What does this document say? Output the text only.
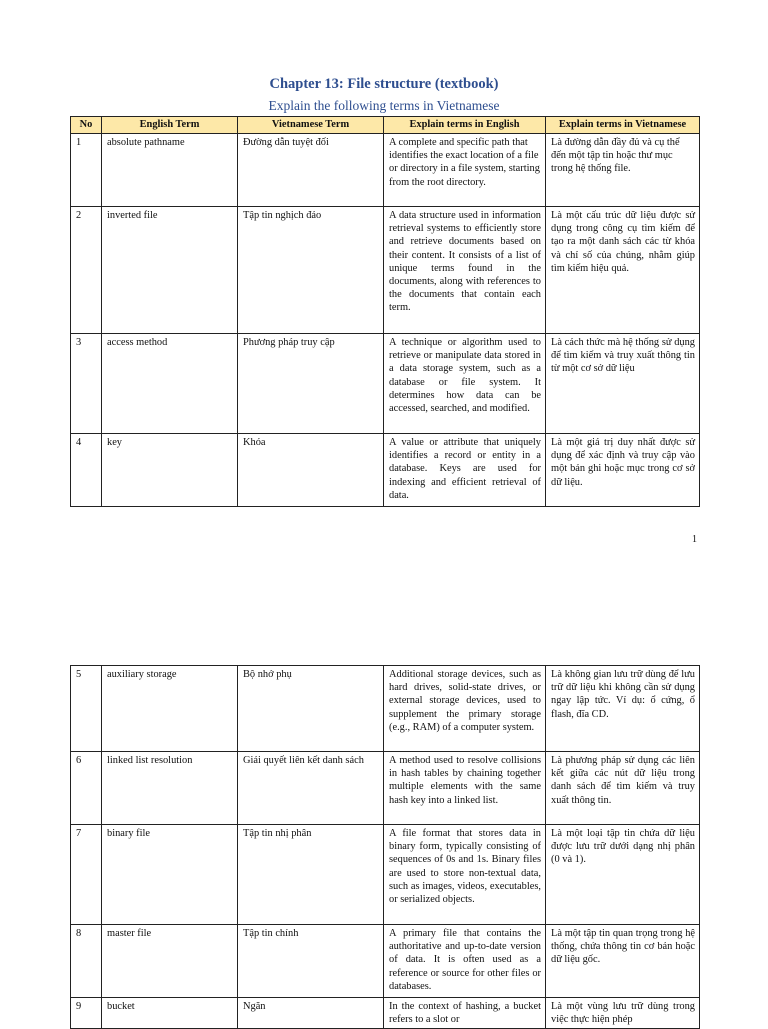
Chapter 13: File structure (textbook)
Explain the following terms in Vietnamese
No	English Term	Vietnamese Term	Explain terms in English	Explain terms in Vietnamese
1	absolute pathname	Đường dẫn tuyệt đối	A complete and specific path that identifies the exact location of a file or directory in a file system, starting from the root directory.	Là đường dẫn đầy đủ và cụ thể đến một tập tin hoặc thư mục trong hệ thống file.
2	inverted file	Tập tin nghịch đảo	A data structure used in information retrieval systems to efficiently store and retrieve documents based on their content. It consists of a list of unique terms found in the documents, along with references to the documents that contain each term.	Là một cấu trúc dữ liệu được sử dụng trong công cụ tìm kiếm để tạo ra một danh sách các từ khóa và chỉ số của chúng, nhằm giúp tìm kiếm hiệu quả.
3	access method	Phương pháp truy cập	A technique or algorithm used to retrieve or manipulate data stored in a data storage system, such as a database or file system. It determines how data can be accessed, searched, and modified.	Là cách thức mà hệ thống sử dụng để tìm kiếm và truy xuất thông tin từ một cơ sở dữ liệu
4	key	Khóa	A value or attribute that uniquely identifies a record or entity in a database. Keys are used for indexing and efficient retrieval of data.	Là một giá trị duy nhất được sử dụng để xác định và truy cập vào một bản ghi hoặc mục trong cơ sở dữ liệu.
1
5	auxiliary storage	Bộ nhớ phụ	Additional storage devices, such as hard drives, solid-state drives, or external storage devices, used to supplement the primary storage (e.g., RAM) of a computer system.	Là không gian lưu trữ dùng để lưu trữ dữ liệu khi không cần sử dụng ngay lập tức. Ví dụ: ổ cứng, ổ flash, đĩa CD.
6	linked list resolution	Giải quyết liên kết danh sách	A method used to resolve collisions in hash tables by chaining together multiple elements with the same hash key into a linked list.	Là phương pháp sử dụng các liên kết giữa các nút dữ liệu trong danh sách để tìm kiếm và truy xuất thông tin.
7	binary file	Tập tin nhị phân	A file format that stores data in binary form, typically consisting of sequences of 0s and 1s. Binary files are used to store non-textual data, such as images, videos, executables, or serialized objects.	Là một loại tập tin chứa dữ liệu được lưu trữ dưới dạng nhị phân (0 và 1).
8	master file	Tập tin chính	A primary file that contains the authoritative and up-to-date version of data. It is often used as a reference or source for other files or databases.	Là một tập tin quan trọng trong hệ thống, chứa thông tin cơ bản hoặc dữ liệu gốc.
9	bucket	Ngăn	In the context of hashing, a bucket refers to a slot or	Là một vùng lưu trữ dùng trong việc thực hiện phép
